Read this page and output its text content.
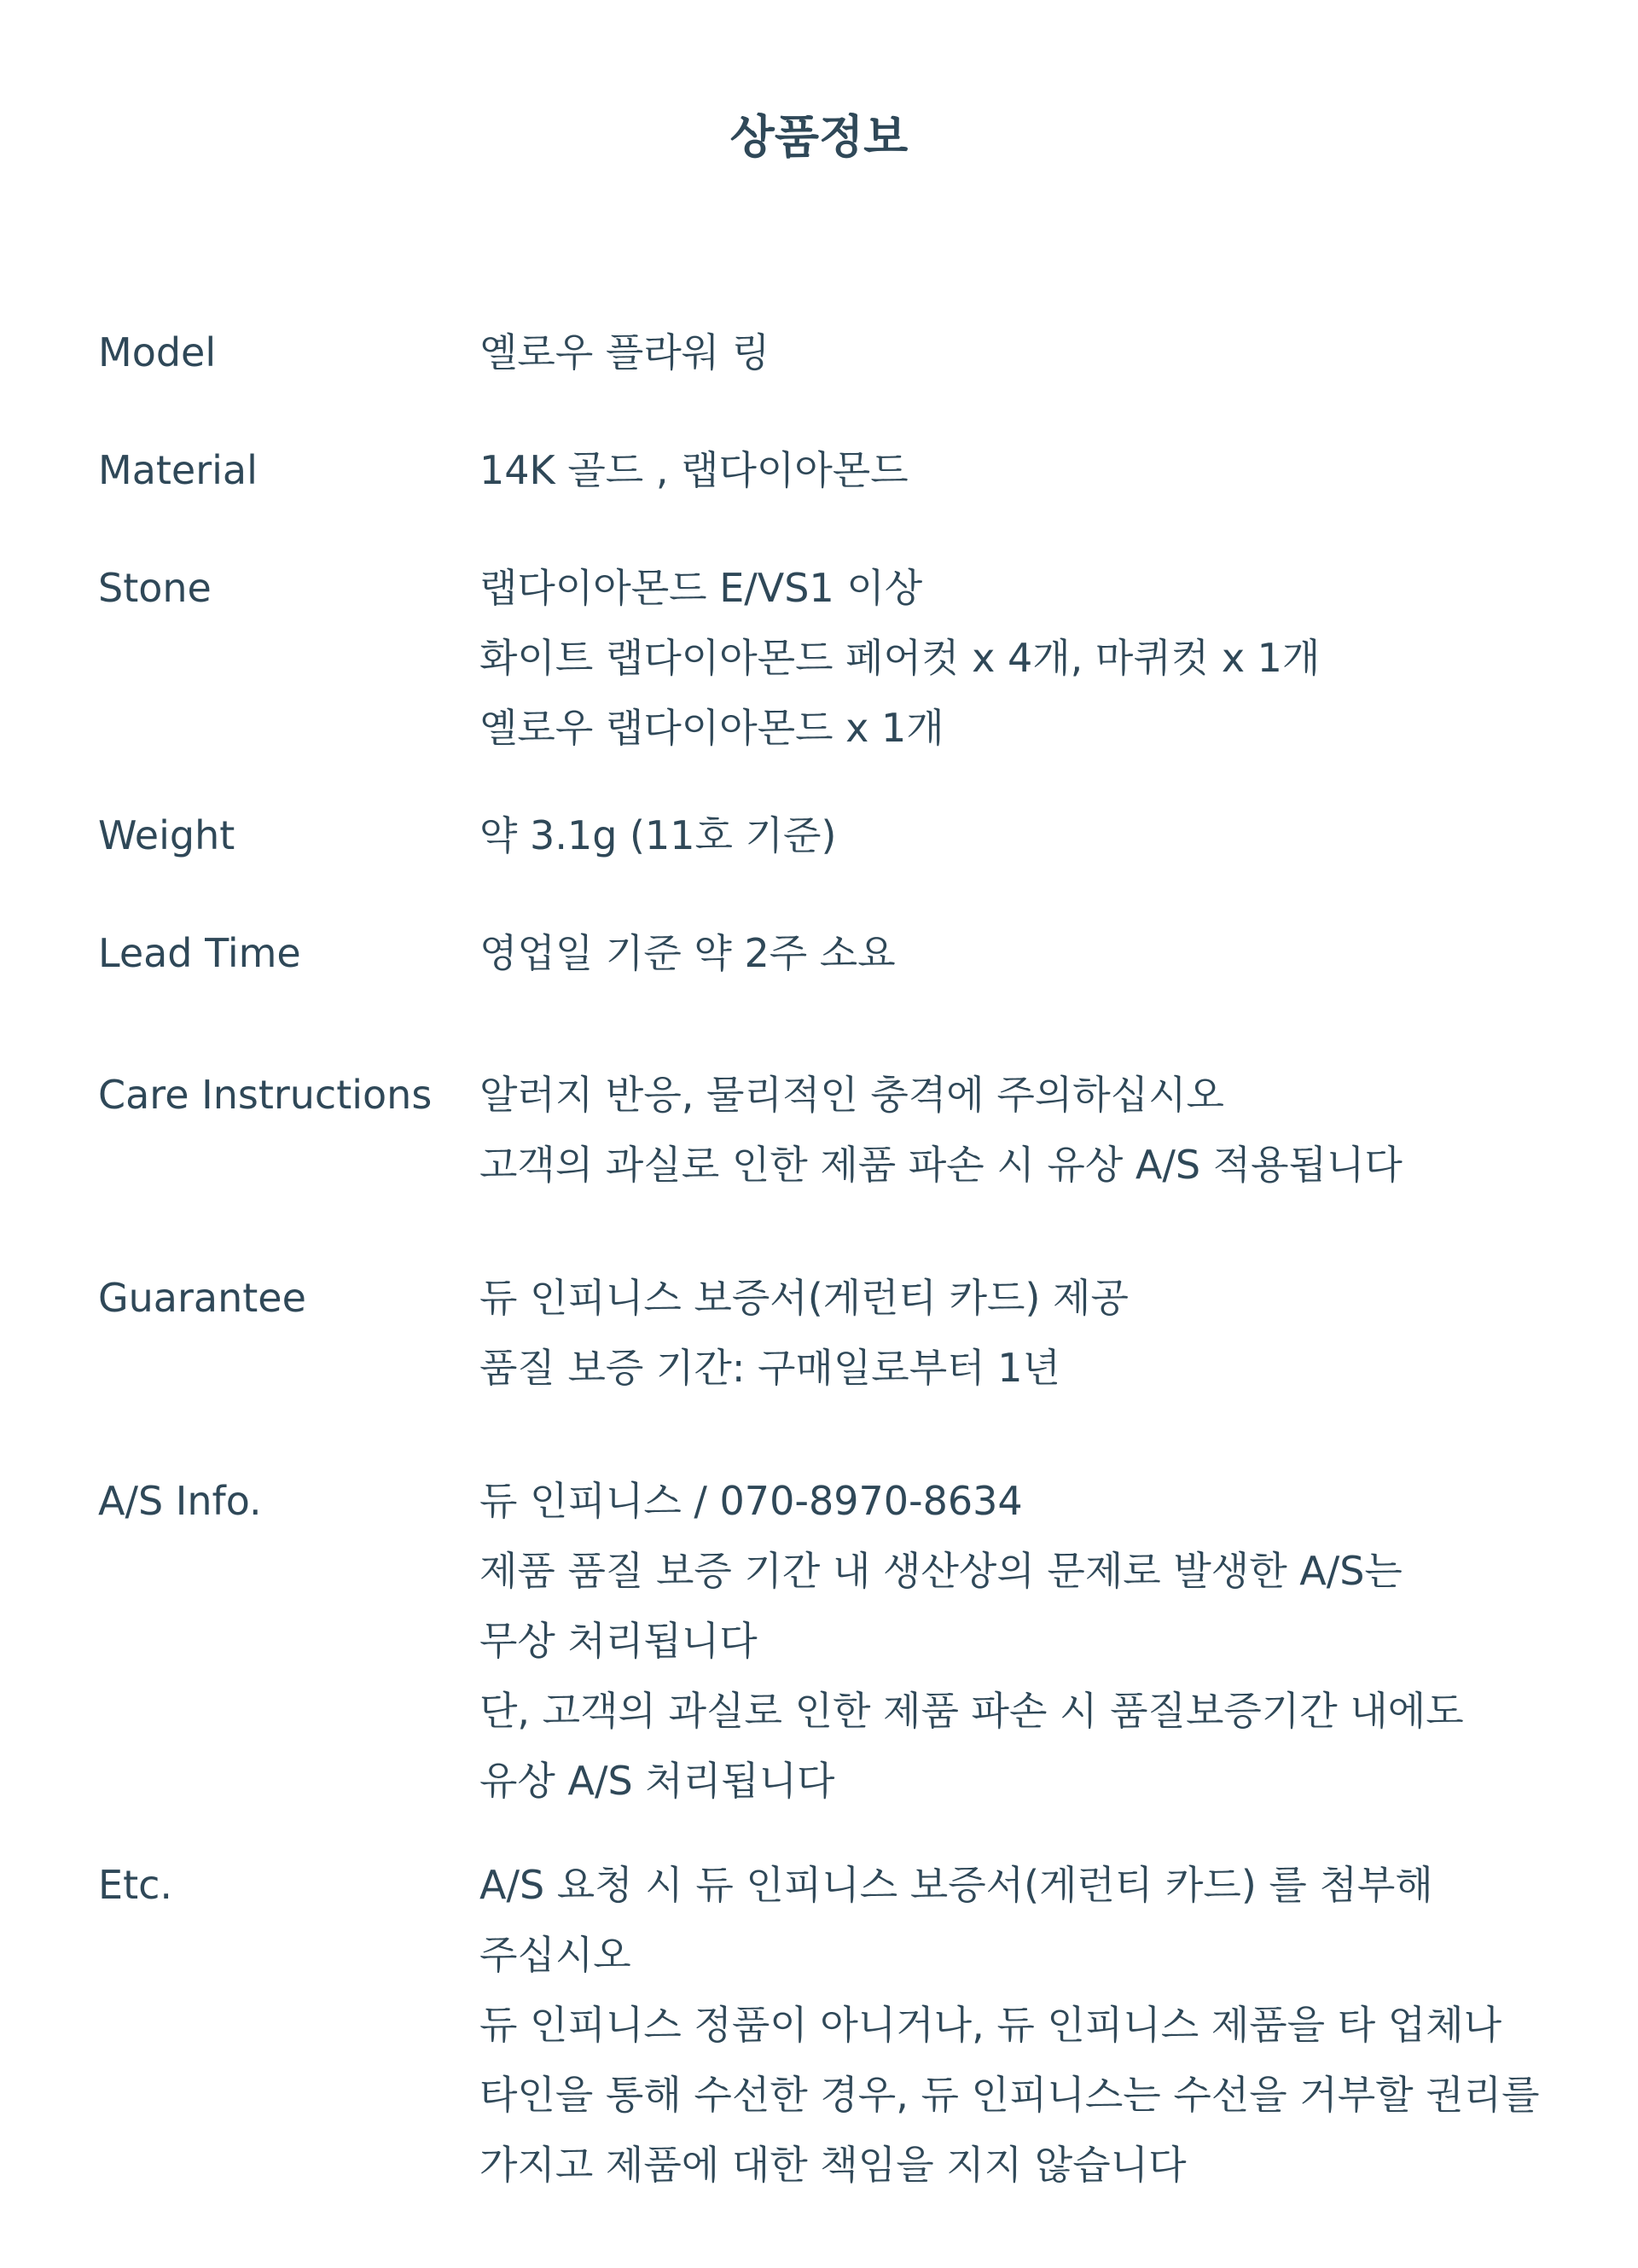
상품정보
Model	옐로우 플라워 링
Material	14K 골드 , 랩다이아몬드
Stone	랩다이아몬드 E/VS1 이상
화이트 랩다이아몬드 페어컷 x 4개, 마퀴컷 x 1개
옐로우 랩다이아몬드 x 1개
Weight	약 3.1g (11호 기준)
Lead Time	영업일 기준 약 2주 소요
Care Instructions 알러지 반응, 물리적인 충격에 주의하십시오
고객의 과실로 인한 제품 파손 시 유상 A/S 적용됩니다
Guarantee	듀 인피니스 보증서(게런티 카드) 제공
품질 보증 기간: 구매일로부터 1년
A/S Info.	듀 인피니스 / 070-8970-8634
제품 품질 보증 기간 내 생산상의 문제로 발생한 A/S는
무상 처리됩니다
단, 고객의 과실로 인한 제품 파손 시 품질보증기간 내에도
유상 A/S 처리됩니다
Etc.	A/S 요청 시 듀 인피니스 보증서(게런티 카드) 를 첨부해
주십시오
듀 인피니스 정품이 아니거나, 듀 인피니스 제품을 타 업체나
타인을 통해 수선한 경우, 듀 인피니스는 수선을 거부할 권리를
가지고 제품에 대한 책임을 지지 않습니다
